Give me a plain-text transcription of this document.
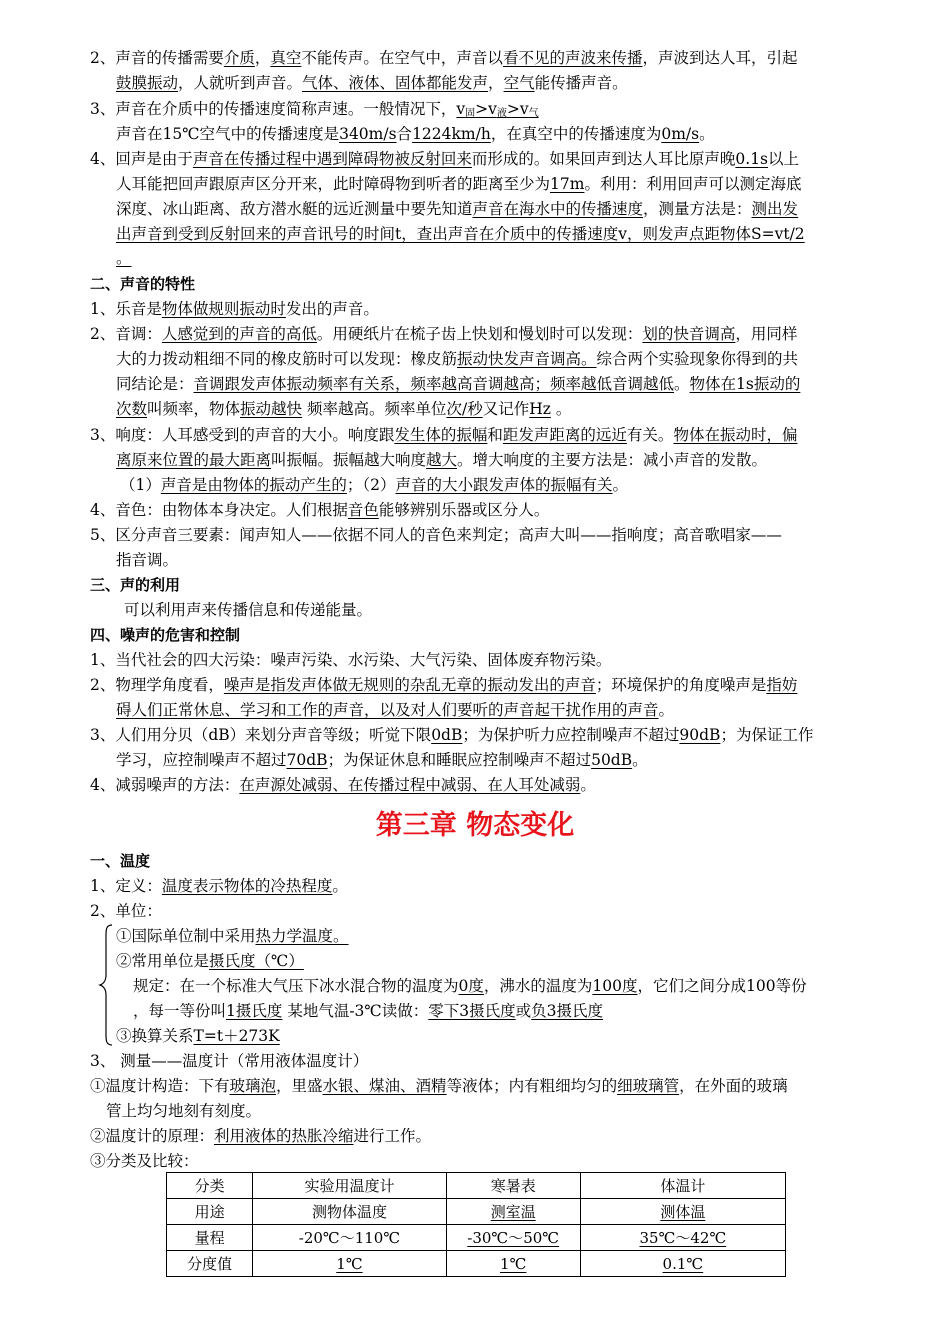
2、声音的传播需要介质，真空不能传声。在空气中，声音以看不见的声波来传播，声波到达人耳，引起
鼓膜振动，人就听到声音。气体、液体、固体都能发声，空气能传播声音。
3、声音在介质中的传播速度简称声速。一般情况下，$v_固>v_液>v_气$
声音在15℃空气中的传播速度是340m/s合1224km/h，在真空中的传播速度为0m/s。
4、回声是由于声音在传播过程中遇到障碍物被反射回来而形成的。如果回声到达人耳比原声晚0.1s以上
人耳能把回声跟原声区分开来，此时障碍物到听者的距离至少为17m。利用：利用回声可以测定海底
深度、冰山距离、敌方潜水艇的远近测量中要先知道声音在海水中的传播速度，测量方法是：测出发
出声音到受到反射回来的声音讯号的时间t，查出声音在介质中的传播速度v，则发声点距物体S=vt/2
。
二、声音的特性
1、乐音是物体做规则振动时发出的声音。
2、音调：人感觉到的声音的高低。用硬纸片在梳子齿上快划和慢划时可以发现：划的快音调高，用同样
大的力拨动粗细不同的橡皮筋时可以发现：橡皮筋振动快发声音调高。综合两个实验现象你得到的共
同结论是：音调跟发声体振动频率有关系，频率越高音调越高；频率越低音调越低。物体在1s振动的
次数叫频率，物体振动越快 频率越高。频率单位次/秒又记作Hz 。
3、响度：人耳感受到的声音的大小。响度跟发生体的振幅和距发声距离的远近有关。物体在振动时，偏
离原来位置的最大距离叫振幅。振幅越大响度越大。增大响度的主要方法是：减小声音的发散。
（1）声音是由物体的振动产生的；（2）声音的大小跟发声体的振幅有关。
4、音色：由物体本身决定。人们根据音色能够辨别乐器或区分人。
5、区分声音三要素：闻声知人——依据不同人的音色来判定；高声大叫——指响度；高音歌唱家——
指音调。
三、声的利用
可以利用声来传播信息和传递能量。
四、噪声的危害和控制
1、当代社会的四大污染：噪声污染、水污染、大气污染、固体废弃物污染。
2、物理学角度看，噪声是指发声体做无规则的杂乱无章的振动发出的声音；环境保护的角度噪声是指妨
碍人们正常休息、学习和工作的声音，以及对人们要听的声音起干扰作用的声音。
3、人们用分贝（dB）来划分声音等级；听觉下限0dB；为保护听力应控制噪声不超过90dB；为保证工作
学习，应控制噪声不超过70dB；为保证休息和睡眠应控制噪声不超过50dB。
4、减弱噪声的方法：在声源处减弱、在传播过程中减弱、在人耳处减弱。
第三章 物态变化
一、温度
1、定义：温度表示物体的冷热程度。
2、单位：
①国际单位制中采用热力学温度。
②常用单位是摄氏度（℃）
规定：在一个标准大气压下冰水混合物的温度为0度，沸水的温度为100度，它们之间分成100等份
，每一等份叫1摄氏度 某地气温-3℃读做：零下3摄氏度或负3摄氏度
③换算关系T=t＋273K
3、 测量——温度计（常用液体温度计）
①温度计构造：下有玻璃泡，里盛水银、煤油、酒精等液体；内有粗细均匀的细玻璃管，在外面的玻璃
管上均匀地刻有刻度。
②温度计的原理：利用液体的热胀冷缩进行工作。
③分类及比较：
分类	实验用温度计	寒暑表	体温计
用途	测物体温度	测室温	测体温
量程	-20℃～110℃	-30℃～50℃	35℃～42℃
分度值	1℃	1℃	0.1℃
